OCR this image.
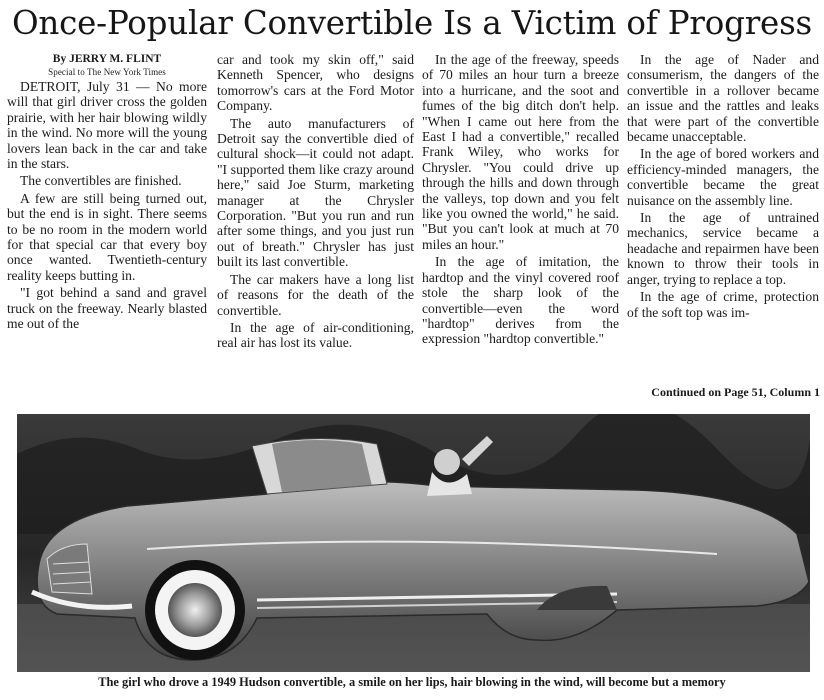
Once-Popular Convertible Is a Victim of Progress
By JERRY M. FLINT
Special to The New York Times

DETROIT, July 31 — No more will that girl driver cross the golden prairie, with her hair blowing wildly in the wind. No more will the young lovers lean back in the car and take in the stars.

The convertibles are finished.

A few are still being turned out, but the end is in sight. There seems to be no room in the modern world for that special car that every boy once wanted. Twentieth-century reality keeps butting in.

"I got behind a sand and gravel truck on the freeway. Nearly blasted me out of the

car and took my skin off," said Kenneth Spencer, who designs tomorrow's cars at the Ford Motor Company.

The auto manufacturers of Detroit say the convertible died of cultural shock—it could not adapt. "I supported them like crazy around here," said Joe Sturm, marketing manager at the Chrysler Corporation. "But you run and run after some things, and you just run out of breath." Chrysler has just built its last convertible.

The car makers have a long list of reasons for the death of the convertible.

In the age of air-conditioning, real air has lost its value.

In the age of the freeway, speeds of 70 miles an hour turn a breeze into a hurricane, and the soot and fumes of the big ditch don't help. "When I came out here from the East I had a convertible," recalled Frank Wiley, who works for Chrysler. "You could drive up through the hills and down through the valleys, top down and you felt like you owned the world," he said. "But you can't look at much at 70 miles an hour."

In the age of imitation, the hardtop and the vinyl covered roof stole the sharp look of the convertible—even the word "hardtop" derives from the expression "hardtop convertible."

In the age of Nader and consumerism, the dangers of the convertible in a rollover became an issue and the rattles and leaks that were part of the convertible became unacceptable.

In the age of bored workers and efficiency-minded managers, the convertible became the great nuisance on the assembly line.

In the age of untrained mechanics, service became a headache and repairmen have been known to throw their tools in anger, trying to replace a top.

In the age of crime, protection of the soft top was im-

Continued on Page 51, Column 1
The girl who drove a 1949 Hudson convertible, a smile on her lips, hair blowing in the wind, will become but a memory
